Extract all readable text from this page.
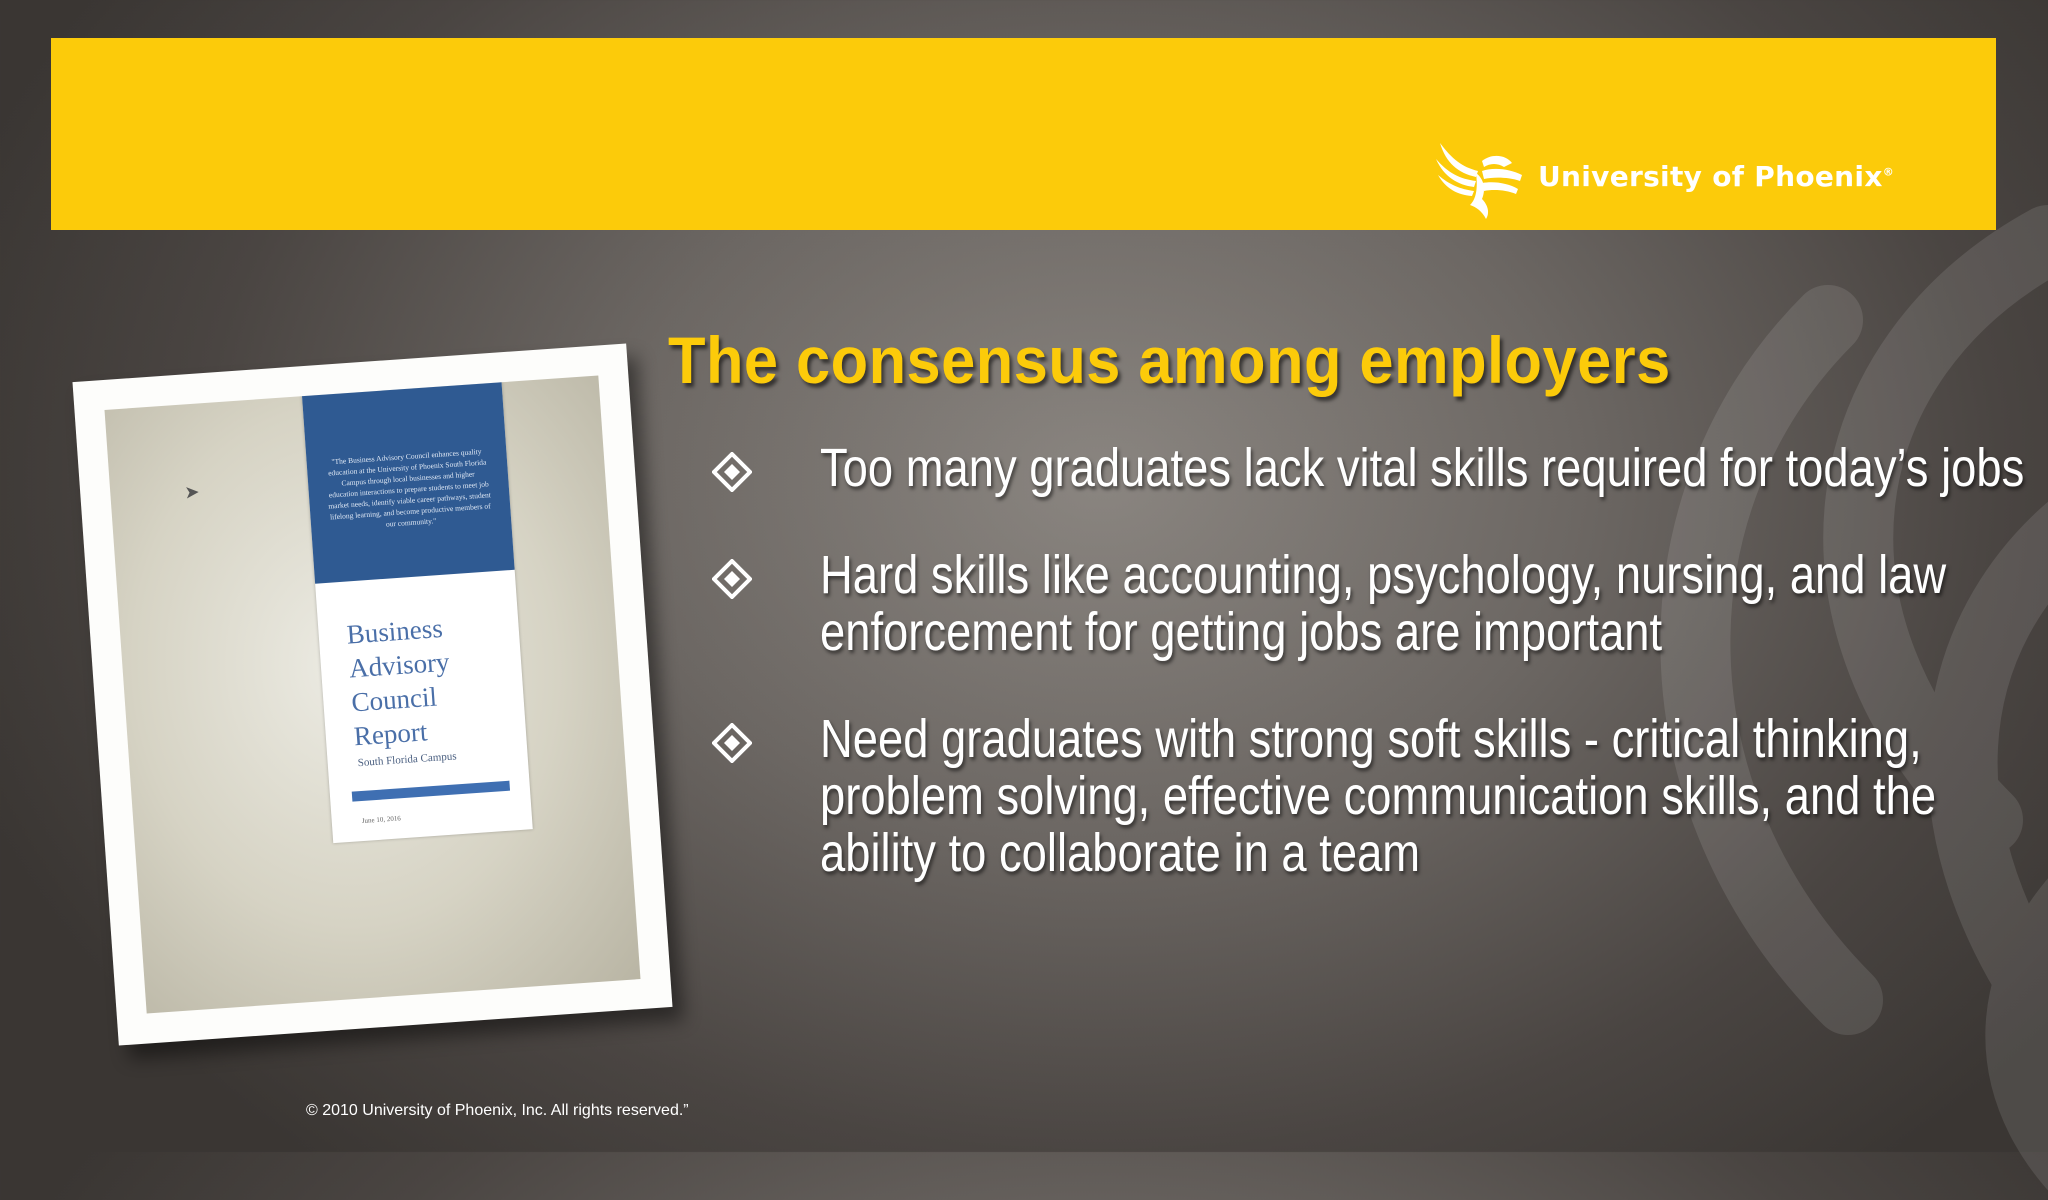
University of Phoenix®
➤
"The Business Advisory Council enhances quality education at the University of Phoenix South Florida Campus through local businesses and higher education interactions to prepare students to meet job market needs, identify viable career pathways, student lifelong learning, and become productive members of our community."
Business
Advisory
Council
Report
South Florida Campus
June 10, 2016
The consensus among employers
Too many graduates lack vital skills required for today’s jobs
Hard skills like accounting, psychology, nursing, and law enforcement for getting jobs are important
Need graduates with strong soft skills - critical thinking, problem solving, effective communication skills, and the ability to collaborate in a team
© 2010 University of Phoenix, Inc. All rights reserved.”
